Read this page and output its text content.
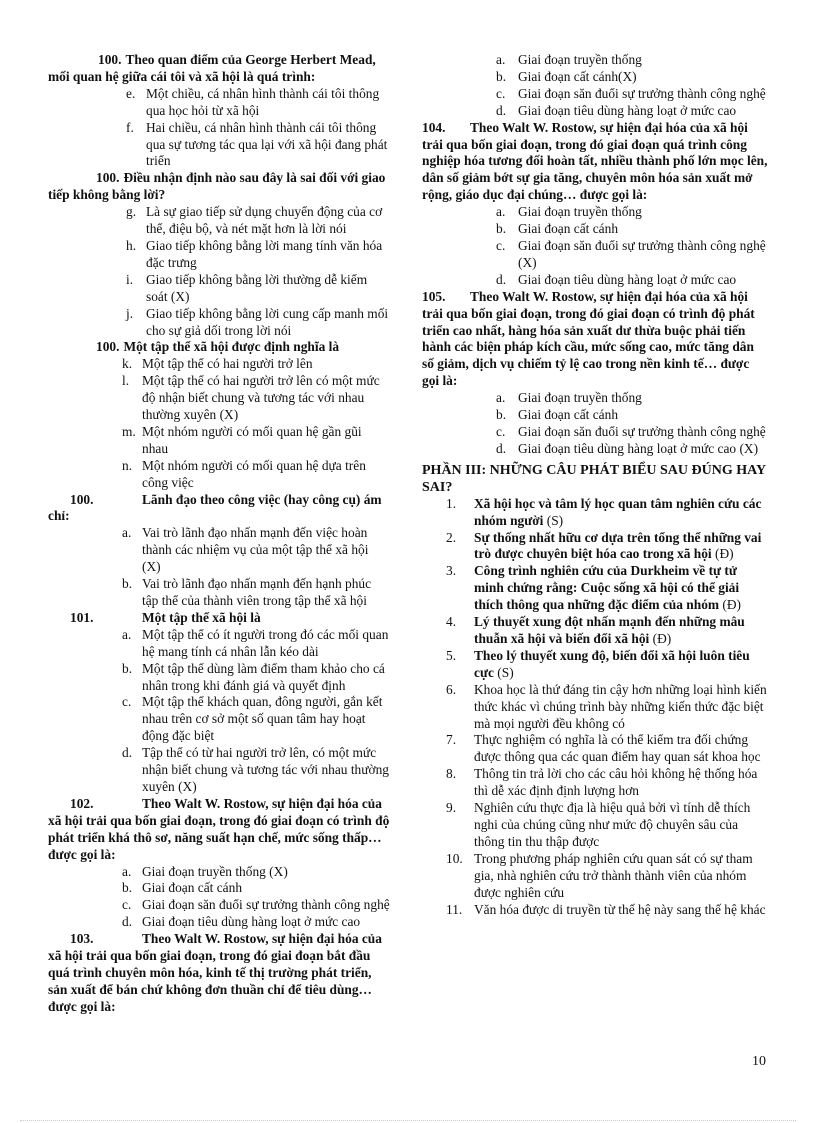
100. Theo quan điểm của George Herbert Mead, mối quan hệ giữa cái tôi và xã hội là quá trình:

e. Một chiều, cá nhân hình thành cái tôi thông qua học hỏi từ xã hội
f. Hai chiều, cá nhân hình thành cái tôi thông qua sự tương tác qua lại với xã hội đang phát triển

100. Điều nhận định nào sau đây là sai đối với giao tiếp không bằng lời?

g. Là sự giao tiếp sử dụng chuyển động của cơ thể, điệu bộ, và nét mặt hơn là lời nói
h. Giao tiếp không bằng lời mang tính văn hóa đặc trưng
i. Giao tiếp không bằng lời thường dễ kiểm soát (X)
j. Giao tiếp không bằng lời cung cấp manh mối cho sự giả dối trong lời nói

100. Một tập thể xã hội được định nghĩa là

k. Một tập thể có hai người trở lên
l. Một tập thể có hai người trở lên có một mức độ nhận biết chung và tương tác với nhau thường xuyên (X)
m. Một nhóm người có mối quan hệ gần gũi nhau
n. Một nhóm người có mối quan hệ dựa trên công việc

100.	Lãnh đạo theo công việc (hay công cụ) ám chỉ:

a. Vai trò lãnh đạo nhấn mạnh đến việc hoàn thành các nhiệm vụ của một tập thể xã hội (X)
b. Vai trò lãnh đạo nhấn mạnh đến hạnh phúc tập thể của thành viên trong tập thể xã hội

101.	Một tập thể xã hội là

a. Một tập thể có ít người trong đó các mối quan hệ mang tính cá nhân lẫn kéo dài
b. Một tập thể dùng làm điểm tham khảo cho cá nhân trong khi đánh giá và quyết định
c. Một tập thể khách quan, đông người, gắn kết nhau trên cơ sở một số quan tâm hay hoạt động đặc biệt
d. Tập thể có từ hai người trở lên, có một mức nhận biết chung và tương tác với nhau thường xuyên (X)

102.	Theo Walt W. Rostow, sự hiện đại hóa của xã hội trải qua bốn giai đoạn, trong đó giai đoạn có trình độ phát triển khá thô sơ, năng suất hạn chế, mức sống thấp… được gọi là:

a. Giai đoạn truyền thống (X)
b. Giai đoạn cất cánh
c. Giai đoạn săn đuổi sự trưởng thành công nghệ
d. Giai đoạn tiêu dùng hàng loạt ở mức cao

103.	Theo Walt W. Rostow, sự hiện đại hóa của xã hội trải qua bốn giai đoạn, trong đó giai đoạn bắt đầu quá trình chuyên môn hóa, kinh tế thị trường phát triển, sản xuất để bán chứ không đơn thuần chỉ để tiêu dùng… được gọi là:

a. Giai đoạn truyền thống
b. Giai đoạn cất cánh(X)
c. Giai đoạn săn đuổi sự trưởng thành công nghệ
d. Giai đoạn tiêu dùng hàng loạt ở mức cao

104. Theo Walt W. Rostow, sự hiện đại hóa của xã hội trải qua bốn giai đoạn, trong đó giai đoạn quá trình công nghiệp hóa tương đối hoàn tất, nhiều thành phố lớn mọc lên, dân số giảm bớt sự gia tăng, chuyên môn hóa sản xuất mở rộng, giáo dục đại chúng… được gọi là:

a. Giai đoạn truyền thống
b. Giai đoạn cất cánh
c. Giai đoạn săn đuổi sự trưởng thành công nghệ (X)
d. Giai đoạn tiêu dùng hàng loạt ở mức cao

105. Theo Walt W. Rostow, sự hiện đại hóa của xã hội trải qua bốn giai đoạn, trong đó giai đoạn có trình độ phát triển cao nhất, hàng hóa sản xuất dư thừa buộc phải tiến hành các biện pháp kích cầu, mức sống cao, mức tăng dân số giảm, dịch vụ chiếm tỷ lệ cao trong nền kinh tế… được gọi là:

a. Giai đoạn truyền thống
b. Giai đoạn cất cánh
c. Giai đoạn săn đuổi sự trưởng thành công nghệ
d. Giai đoạn tiêu dùng hàng loạt ở mức cao (X)

PHẦN III: NHỮNG CÂU PHÁT BIỂU SAU ĐÚNG HAY SAI?

1.	Xã hội học và tâm lý học quan tâm nghiên cứu các nhóm người (S)
2.	Sự thống nhất hữu cơ dựa trên tổng thể những vai trò được chuyên biệt hóa cao trong xã hội (Đ)
3.	Công trình nghiên cứu của Durkheim về tự tử minh chứng rằng: Cuộc sống xã hội có thể giải thích thông qua những đặc điểm của nhóm (Đ)
4.	Lý thuyết xung đột nhấn mạnh đến những mâu thuẫn xã hội và biến đổi xã hội (Đ)
5.	Theo lý thuyết xung độ, biến đổi xã hội luôn tiêu cực (S)
6.	Khoa học là thứ đáng tin cậy hơn những loại hình kiến thức khác vì chúng trình bày những kiến thức đặc biệt mà mọi người đều không có
7.	Thực nghiệm có nghĩa là có thể kiểm tra đối chứng được thông qua các quan điểm hay quan sát khoa học
8.	Thông tin trả lời cho các câu hỏi không hệ thống hóa thì dễ xác định định lượng hơn
9.	Nghiên cứu thực địa là hiệu quả bởi vì tính dễ thích nghi của chúng cũng như mức độ chuyên sâu của thông tin thu thập được
10. Trong phương pháp nghiên cứu quan sát có sự tham gia, nhà nghiên cứu trở thành thành viên của nhóm được nghiên cứu
11. Văn hóa được di truyền từ thế hệ này sang thế hệ khác
10
